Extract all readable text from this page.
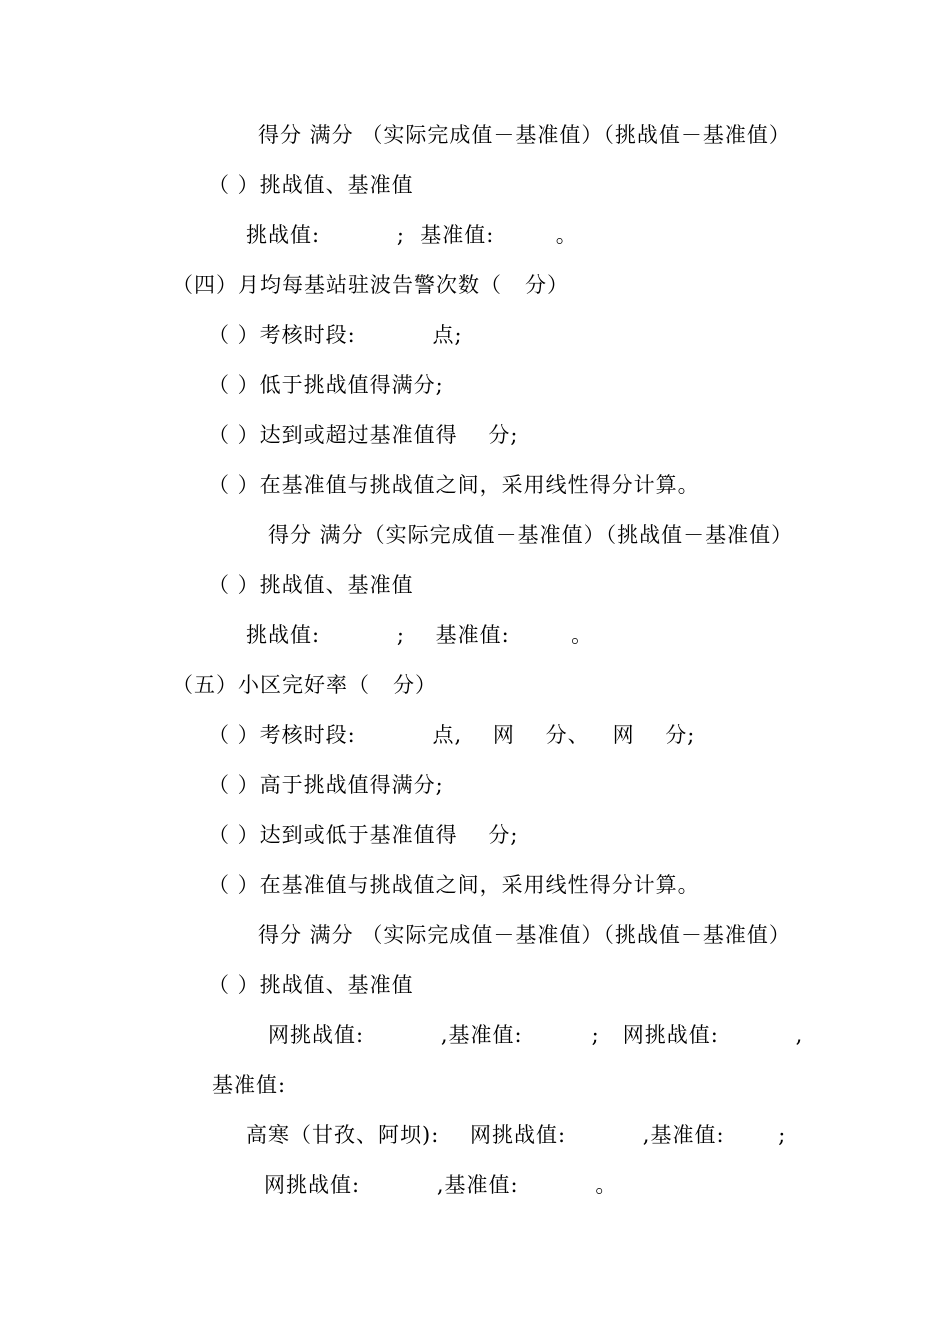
得分 满分 （实际完成值－基准值）（挑战值－基准值）
（ ）挑战值、基准值
挑战值:          ;  基准值:        。
（四）月均每基站驻波告警次数（   分）
（ ）考核时段:          点;
（ ）低于挑战值得满分;
（ ）达到或超过基准值得    分;
（ ）在基准值与挑战值之间，采用线性得分计算。
得分 满分（实际完成值－基准值）（挑战值－基准值）
（ ）挑战值、基准值
挑战值:          ;    基准值:        。
（五）小区完好率（   分）
（ ）考核时段:          点,    网    分、   网    分;
（ ）高于挑战值得满分;
（ ）达到或低于基准值得    分;
（ ）在基准值与挑战值之间，采用线性得分计算。
得分 满分 （实际完成值－基准值）（挑战值－基准值）
（ ）挑战值、基准值
网挑战值:          ,基准值:         ;   网挑战值:          ,
基准值:
高寒（甘孜、阿坝):    网挑战值:          ,基准值:       ;
网挑战值:          ,基准值:          。
